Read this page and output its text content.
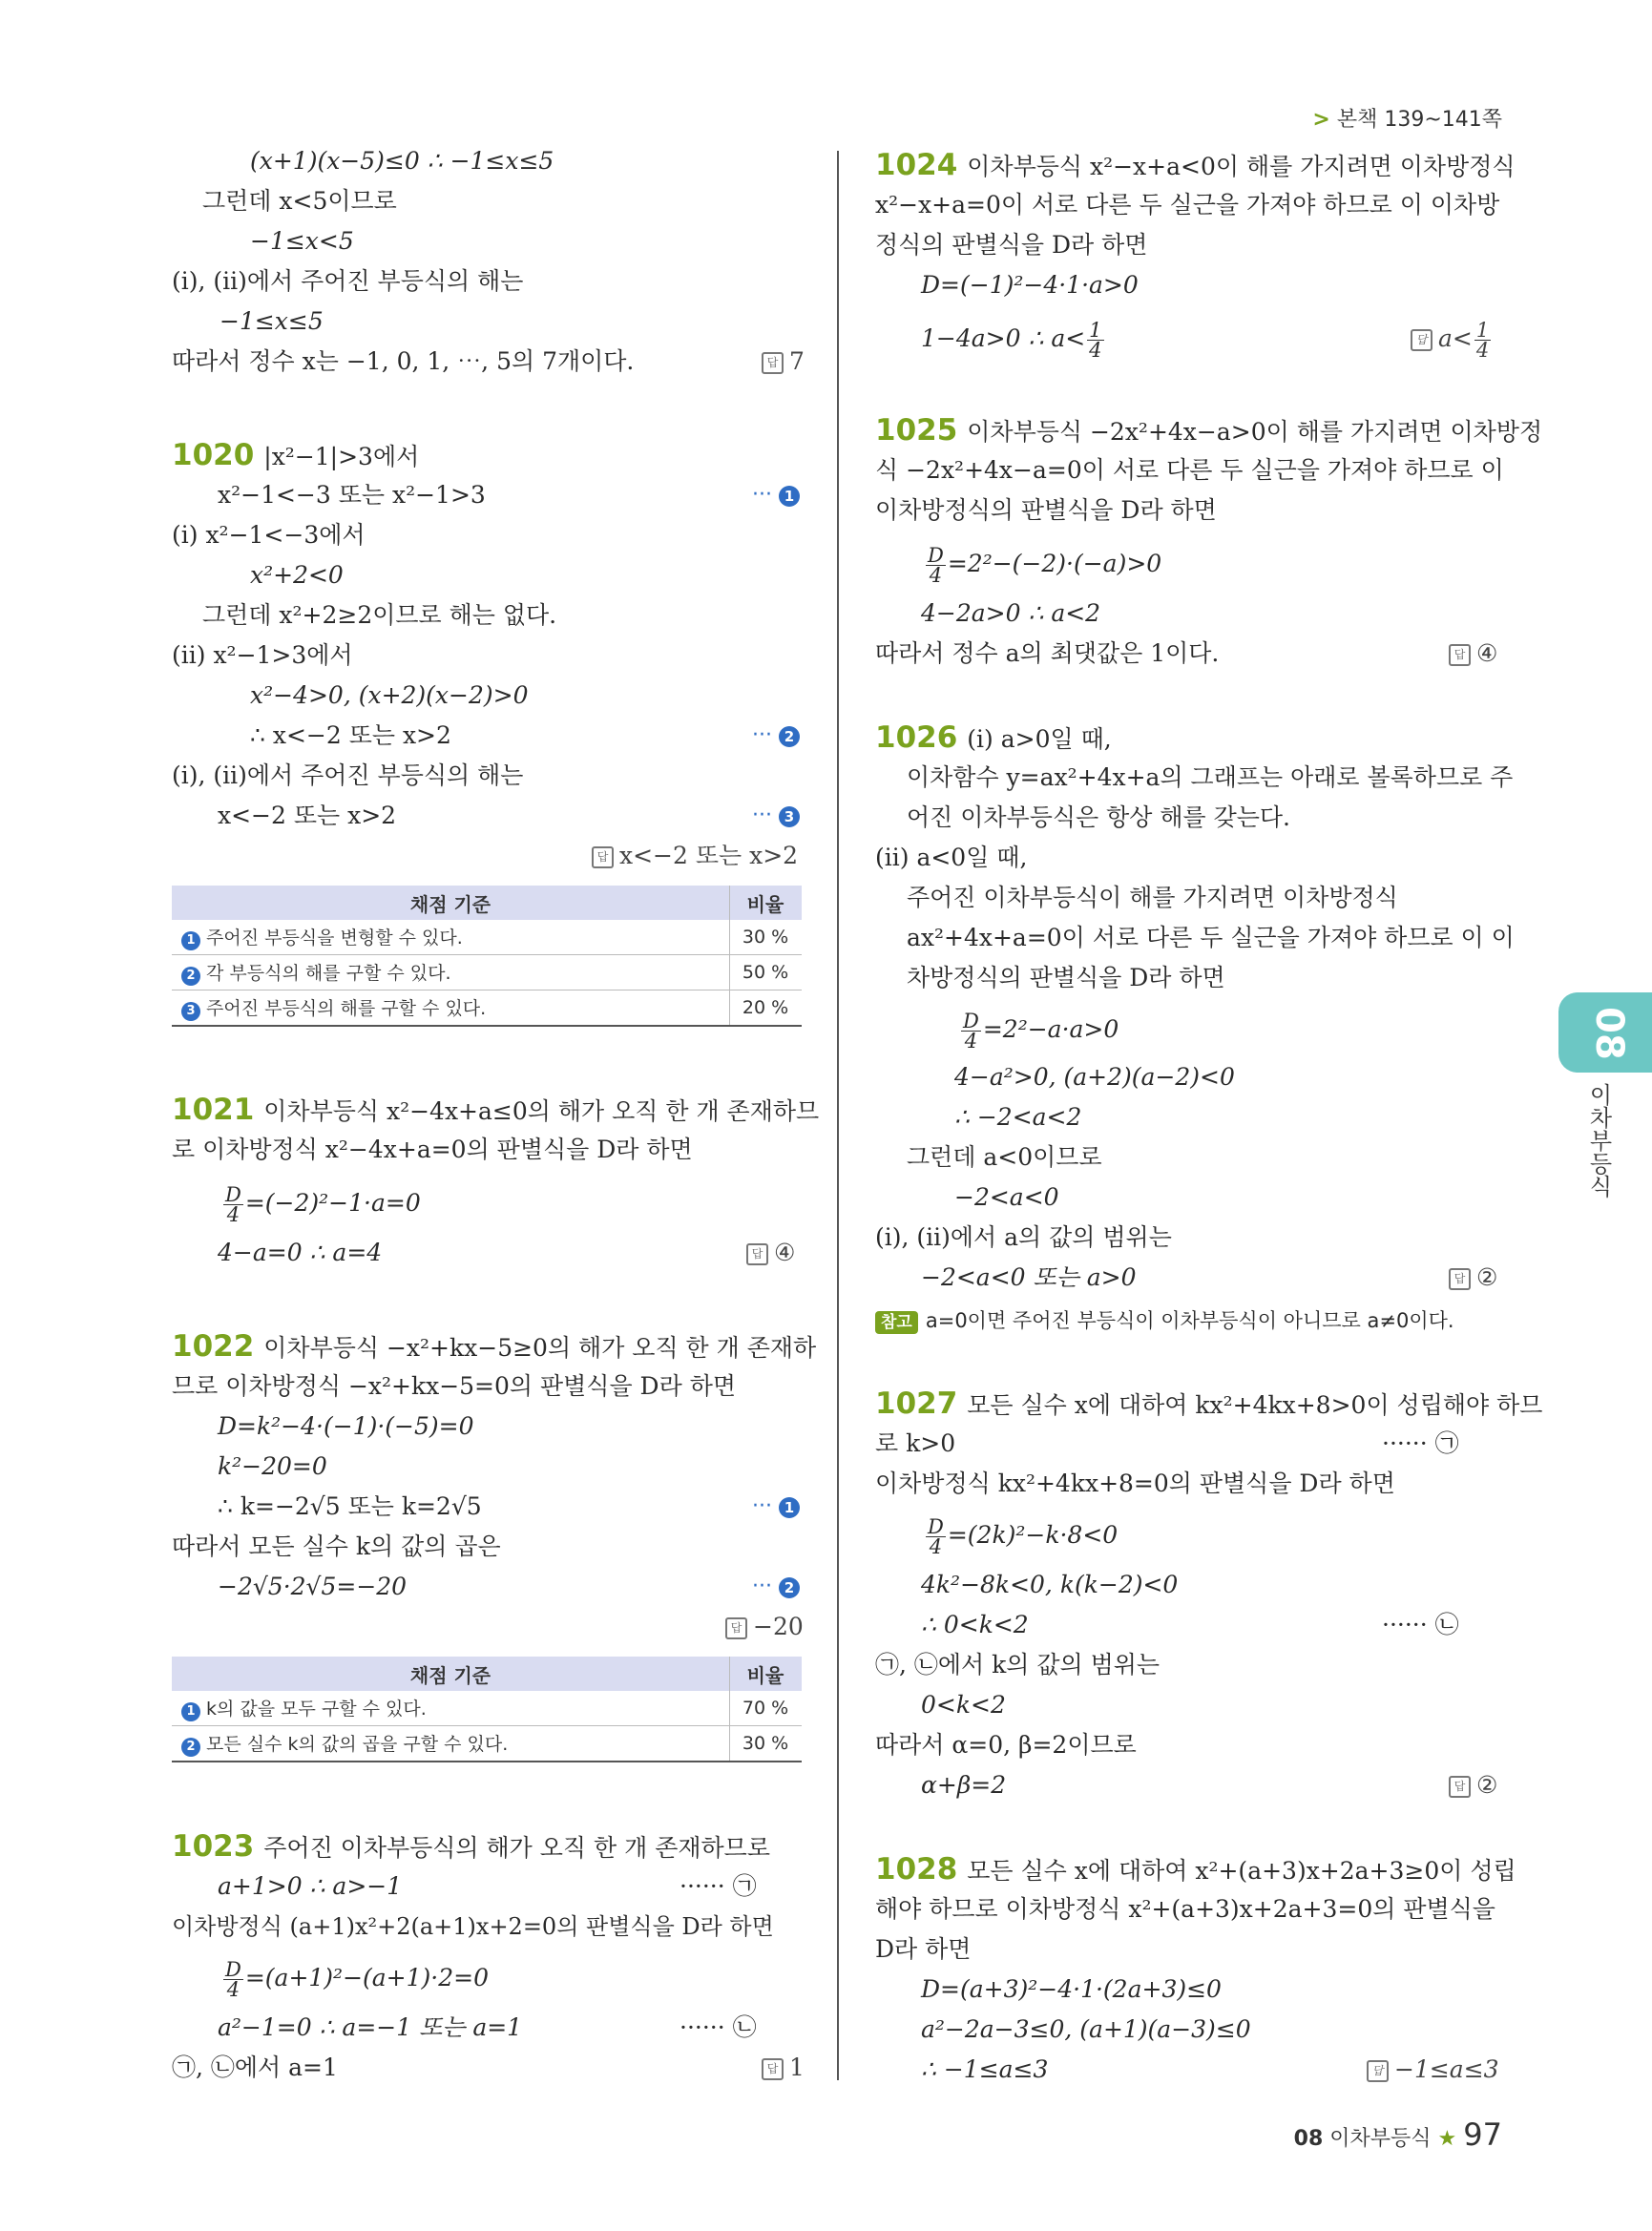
> 본책 139~141쪽
(x+1)(x−5)≤0 ∴ −1≤x≤5
그런데 x<5이므로
−1≤x<5
(i), (ii)에서 주어진 부등식의 해는
−1≤x≤5
따라서 정수 x는 −1, 0, 1, ⋯, 5의 7개이다.	답 7
1020 |x²−1|>3에서
x²−1<−3 또는 x²−1>3	··· 1
(i) x²−1<−3에서
x²+2<0
그런데 x²+2≥2이므로 해는 없다.
(ii) x²−1>3에서
x²−4>0, (x+2)(x−2)>0
∴ x<−2 또는 x>2	··· 2
(i), (ii)에서 주어진 부등식의 해는
x<−2 또는 x>2	··· 3
답 x<−2 또는 x>2
채점 기준	비율
1 주어진 부등식을 변형할 수 있다.	30 %
2 각 부등식의 해를 구할 수 있다.	50 %
3 주어진 부등식의 해를 구할 수 있다.	20 %
1021 이차부등식 x²−4x+a≤0의 해가 오직 한 개 존재하므
로 이차방정식 x²−4x+a=0의 판별식을 D라 하면
$\frac{D}{4} =(-2)^2-1\cdot a=0$
4−a=0 ∴ a=4	답 ④
1022 이차부등식 −x²+kx−5≥0의 해가 오직 한 개 존재하
므로 이차방정식 −x²+kx−5=0의 판별식을 D라 하면
D=k²−4·(−1)·(−5)=0
k²−20=0
∴ k=−2√5 또는 k=2√5	··· 1
따라서 모든 실수 k의 값의 곱은
−2√5·2√5=−20	··· 2
답 −20
채점 기준	비율
1 k의 값을 모두 구할 수 있다.	70 %
2 모든 실수 k의 값의 곱을 구할 수 있다.	30 %
1023 주어진 이차부등식의 해가 오직 한 개 존재하므로
a+1>0 ∴ a>−1	······ ㉠
이차방정식 (a+1)x²+2(a+1)x+2=0의 판별식을 D라 하면
$\frac{D}{4} =(a+1)^2-(a+1)\cdot 2=0$
a²−1=0 ∴ a=−1 또는 a=1	······ ㉡
㉠, ㉡에서 a=1	답 1
1024 이차부등식 x²−x+a<0이 해를 가지려면 이차방정식
x²−x+a=0이 서로 다른 두 실근을 가져야 하므로 이 이차방
정식의 판별식을 D라 하면
D=(−1)²−4·1·a>0
1−4a>0 ∴ $a< \frac{1}{4}$	답 $a< \frac{1}{4}$
1025 이차부등식 −2x²+4x−a>0이 해를 가지려면 이차방정
식 −2x²+4x−a=0이 서로 다른 두 실근을 가져야 하므로 이
이차방정식의 판별식을 D라 하면
$\frac{D}{4} =2^2-(-2)\cdot(-a)>0$
4−2a>0 ∴ a<2
따라서 정수 a의 최댓값은 1이다.	답 ④
1026 (i) a>0일 때,
이차함수 y=ax²+4x+a의 그래프는 아래로 볼록하므로 주
어진 이차부등식은 항상 해를 갖는다.
(ii) a<0일 때,
주어진 이차부등식이 해를 가지려면 이차방정식
ax²+4x+a=0이 서로 다른 두 실근을 가져야 하므로 이 이
차방정식의 판별식을 D라 하면
$\frac{D}{4} =2^2-a\cdot a>0$
4−a²>0, (a+2)(a−2)<0
∴ −2<a<2
그런데 a<0이므로
−2<a<0
(i), (ii)에서 a의 값의 범위는
−2<a<0 또는 a>0	답 ②
참고 a=0이면 주어진 부등식이 이차부등식이 아니므로 a≠0이다.
1027 모든 실수 x에 대하여 kx²+4kx+8>0이 성립해야 하므
로 k>0	······ ㉠
이차방정식 kx²+4kx+8=0의 판별식을 D라 하면
$\frac{D}{4} =(2k)^2-k\cdot 8<0$
4k²−8k<0, k(k−2)<0
∴ 0<k<2	······ ㉡
㉠, ㉡에서 k의 값의 범위는
0<k<2
따라서 α=0, β=2이므로
α+β=2	답 ②
1028 모든 실수 x에 대하여 x²+(a+3)x+2a+3≥0이 성립
해야 하므로 이차방정식 x²+(a+3)x+2a+3=0의 판별식을
D라 하면
D=(a+3)²−4·1·(2a+3)≤0
a²−2a−3≤0, (a+1)(a−3)≤0
∴ −1≤a≤3	답 −1≤a≤3
08
이차부등식
08 이차부등식 ★ 97
